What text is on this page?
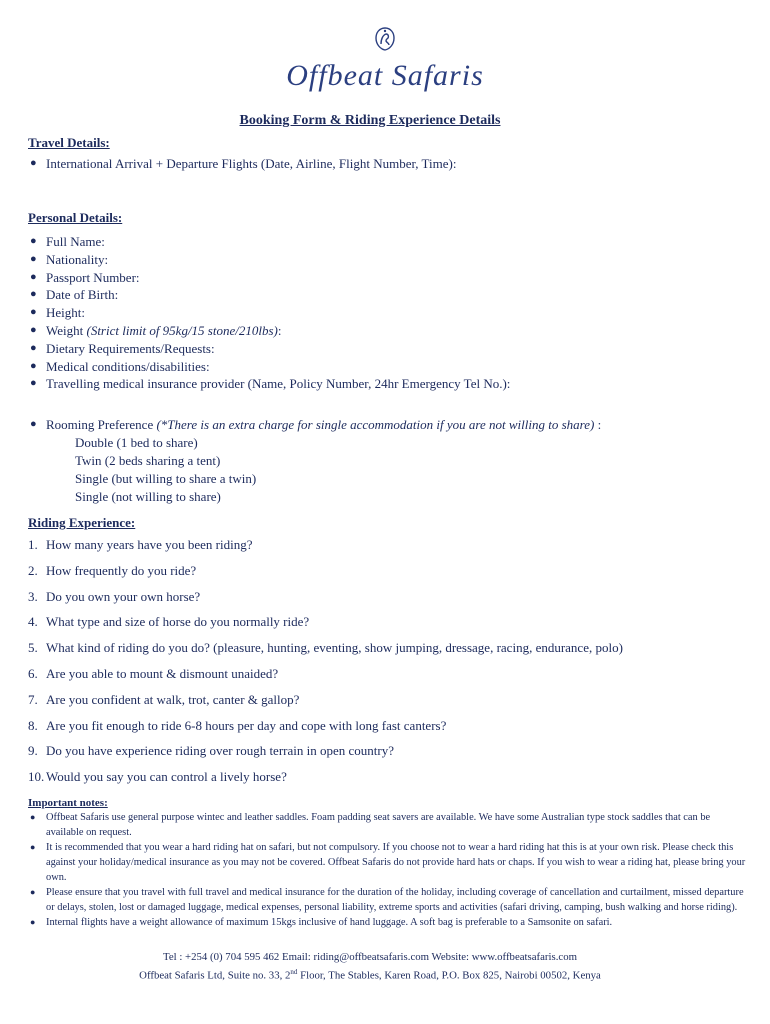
Offbeat Safaris
Booking Form & Riding Experience Details
Travel Details:
● International Arrival + Departure Flights (Date, Airline, Flight Number, Time):
Personal Details:
● Full Name:
● Nationality:
● Passport Number:
● Date of Birth:
● Height:
● Weight (Strict limit of 95kg/15 stone/210lbs):
● Dietary Requirements/Requests:
● Medical conditions/disabilities:
● Travelling medical insurance provider (Name, Policy Number, 24hr Emergency Tel No.):
● Rooming Preference (*There is an extra charge for single accommodation if you are not willing to share) :
Double (1 bed to share)
Twin (2 beds sharing a tent)
Single (but willing to share a twin)
Single (not willing to share)
Riding Experience:
1. How many years have you been riding?
2. How frequently do you ride?
3. Do you own your own horse?
4. What type and size of horse do you normally ride?
5. What kind of riding do you do? (pleasure, hunting, eventing, show jumping, dressage, racing, endurance, polo)
6. Are you able to mount & dismount unaided?
7. Are you confident at walk, trot, canter & gallop?
8. Are you fit enough to ride 6-8 hours per day and cope with long fast canters?
9. Do you have experience riding over rough terrain in open country?
10. Would you say you can control a lively horse?
Important notes:
● Offbeat Safaris use general purpose wintec and leather saddles. Foam padding seat savers are available. We have some Australian type stock saddles that can be available on request.
● It is recommended that you wear a hard riding hat on safari, but not compulsory. If you choose not to wear a hard riding hat this is at your own risk. Please check this against your holiday/medical insurance as you may not be covered. Offbeat Safaris do not provide hard hats or chaps. If you wish to wear a riding hat, please bring your own.
● Please ensure that you travel with full travel and medical insurance for the duration of the holiday, including coverage of cancellation and curtailment, missed departure or delays, stolen, lost or damaged luggage, medical expenses, personal liability, extreme sports and activities (safari driving, camping, bush walking and horse riding).
● Internal flights have a weight allowance of maximum 15kgs inclusive of hand luggage. A soft bag is preferable to a Samsonite on safari.
Tel : +254 (0) 704 595 462 Email: riding@offbeatsafaris.com Website: www.offbeatsafaris.com
Offbeat Safaris Ltd, Suite no. 33, 2nd Floor, The Stables, Karen Road, P.O. Box 825, Nairobi 00502, Kenya
